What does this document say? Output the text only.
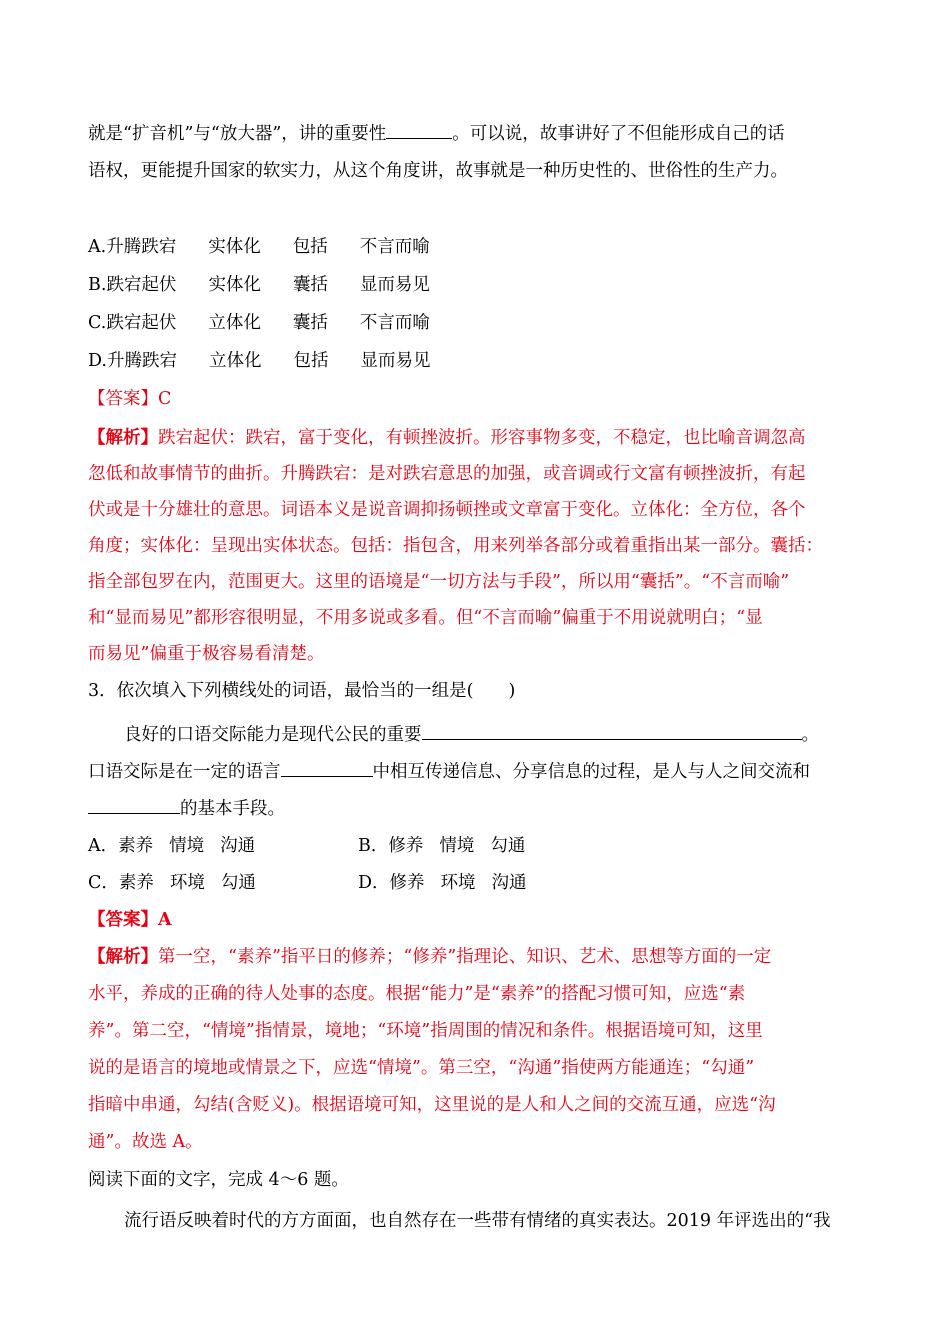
就是“扩音机”与“放大器”，讲的重要性	。可以说，故事讲好了不但能形成自己的话
语权，更能提升国家的软实力，从这个角度讲，故事就是一种历史性的、世俗性的生产力。
A.升腾跌宕 实体化 包括 不言而喻
B.跌宕起伏 实体化 囊括 显而易见
C.跌宕起伏 立体化 囊括 不言而喻
D.升腾跌宕 立体化 包括 显而易见
【答案】C
【解析】跌宕起伏：跌宕，富于变化，有顿挫波折。形容事物多变，不稳定，也比喻音调忽高
忽低和故事情节的曲折。升腾跌宕：是对跌宕意思的加强，或音调或行文富有顿挫波折，有起
伏或是十分雄壮的意思。词语本义是说音调抑扬顿挫或文章富于变化。立体化：全方位，各个
角度；实体化：呈现出实体状态。包括：指包含，用来列举各部分或着重指出某一部分。囊括：
指全部包罗在内，范围更大。这里的语境是“一切方法与手段”，所以用“囊括”。“不言而喻”
和“显而易见”都形容很明显，不用多说或多看。但“不言而喻”偏重于不用说就明白；“显
而易见”偏重于极容易看清楚。
3．依次填入下列横线处的词语，最恰当的一组是(　　)
良好的口语交际能力是现代公民的重要	。
口语交际是在一定的语言	中相互传递信息、分享信息的过程，是人与人之间交流和
的基本手段。
A．素养 情境 沟通	B．修养 情境 勾通
C．素养 环境 勾通	D．修养 环境 沟通
【答案】A
【解析】第一空，“素养”指平日的修养；“修养”指理论、知识、艺术、思想等方面的一定
水平，养成的正确的待人处事的态度。根据“能力”是“素养”的搭配习惯可知，应选“素
养”。第二空，“情境”指情景，境地；“环境”指周围的情况和条件。根据语境可知，这里
说的是语言的境地或情景之下，应选“情境”。第三空，“沟通”指使两方能通连；“勾通”
指暗中串通，勾结(含贬义)。根据语境可知，这里说的是人和人之间的交流互通，应选“沟
通”。故选 A。
阅读下面的文字，完成 4～6 题。
流行语反映着时代的方方面面，也自然存在一些带有情绪的真实表达。2019 年评选出的“我
